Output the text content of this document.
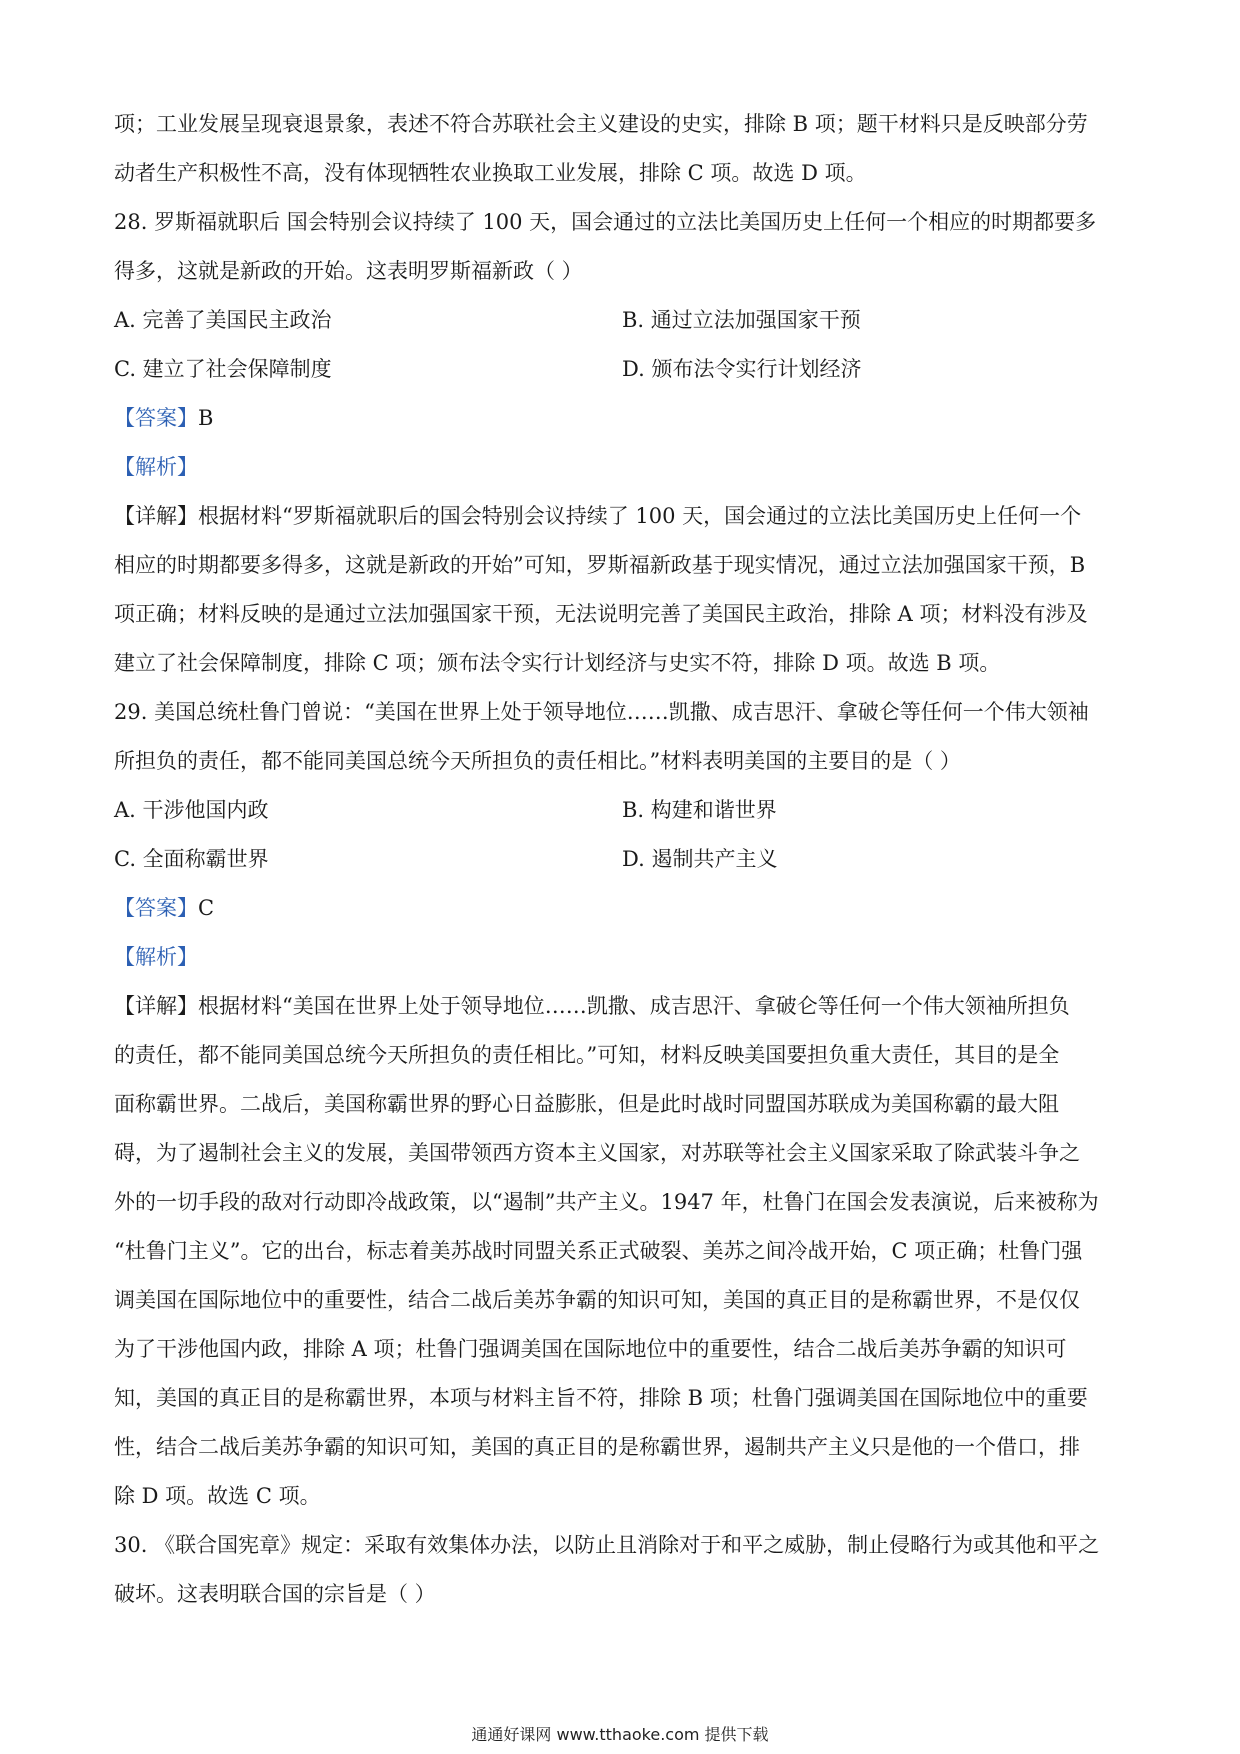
项；工业发展呈现衰退景象，表述不符合苏联社会主义建设的史实，排除 B 项；题干材料只是反映部分劳
动者生产积极性不高，没有体现牺牲农业换取工业发展，排除 C 项。故选 D 项。
28. 罗斯福就职后 国会特别会议持续了 100 天，国会通过的立法比美国历史上任何一个相应的时期都要多
得多，这就是新政的开始。这表明罗斯福新政（ ）
A. 完善了美国民主政治	B. 通过立法加强国家干预
C. 建立了社会保障制度	D. 颁布法令实行计划经济
【答案】B
【解析】
【详解】根据材料“罗斯福就职后的国会特别会议持续了 100 天，国会通过的立法比美国历史上任何一个
相应的时期都要多得多，这就是新政的开始”可知，罗斯福新政基于现实情况，通过立法加强国家干预，B
项正确；材料反映的是通过立法加强国家干预，无法说明完善了美国民主政治，排除 A 项；材料没有涉及
建立了社会保障制度，排除 C 项；颁布法令实行计划经济与史实不符，排除 D 项。故选 B 项。
29. 美国总统杜鲁门曾说：“美国在世界上处于领导地位……凯撒、成吉思汗、拿破仑等任何一个伟大领袖
所担负的责任，都不能同美国总统今天所担负的责任相比。”材料表明美国的主要目的是（ ）
A. 干涉他国内政	B. 构建和谐世界
C. 全面称霸世界	D. 遏制共产主义
【答案】C
【解析】
【详解】根据材料“美国在世界上处于领导地位……凯撒、成吉思汗、拿破仑等任何一个伟大领袖所担负
的责任，都不能同美国总统今天所担负的责任相比。”可知，材料反映美国要担负重大责任，其目的是全
面称霸世界。二战后，美国称霸世界的野心日益膨胀，但是此时战时同盟国苏联成为美国称霸的最大阻
碍，为了遏制社会主义的发展，美国带领西方资本主义国家，对苏联等社会主义国家采取了除武装斗争之
外的一切手段的敌对行动即冷战政策，以“遏制”共产主义。1947 年，杜鲁门在国会发表演说，后来被称为
“杜鲁门主义”。它的出台，标志着美苏战时同盟关系正式破裂、美苏之间冷战开始，C 项正确；杜鲁门强
调美国在国际地位中的重要性，结合二战后美苏争霸的知识可知，美国的真正目的是称霸世界，不是仅仅
为了干涉他国内政，排除 A 项；杜鲁门强调美国在国际地位中的重要性，结合二战后美苏争霸的知识可
知，美国的真正目的是称霸世界，本项与材料主旨不符，排除 B 项；杜鲁门强调美国在国际地位中的重要
性，结合二战后美苏争霸的知识可知，美国的真正目的是称霸世界，遏制共产主义只是他的一个借口，排
除 D 项。故选 C 项。
30. 《联合国宪章》规定：采取有效集体办法，以防止且消除对于和平之威胁，制止侵略行为或其他和平之
破坏。这表明联合国的宗旨是（ ）
通通好课网 www.tthaoke.com 提供下载
